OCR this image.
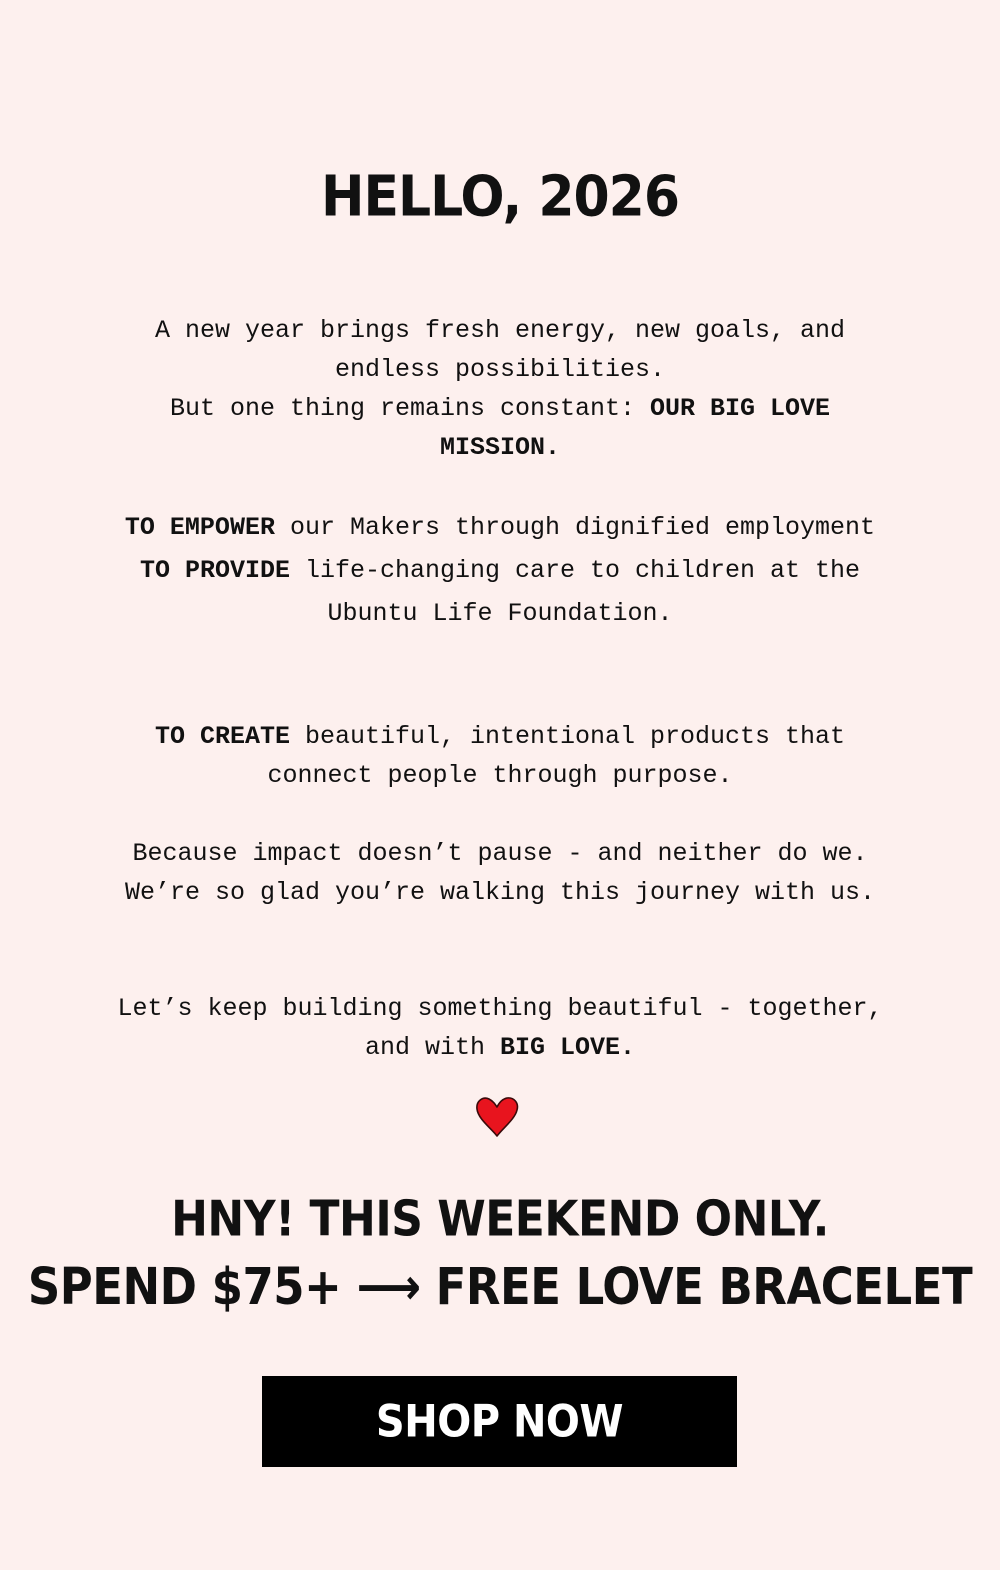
HELLO, 2026

A new year brings fresh energy, new goals, and endless possibilities.
But one thing remains constant: OUR BIG LOVE MISSION.

TO EMPOWER our Makers through dignified employment
TO PROVIDE life-changing care to children at the Ubuntu Life Foundation.

TO CREATE beautiful, intentional products that connect people through purpose.

Because impact doesn’t pause - and neither do we. We’re so glad you’re walking this journey with us.

Let’s keep building something beautiful - together, and with BIG LOVE.

HNY! THIS WEEKEND ONLY.
SPEND $75+ ⟶ FREE LOVE BRACELET
SHOP NOW
